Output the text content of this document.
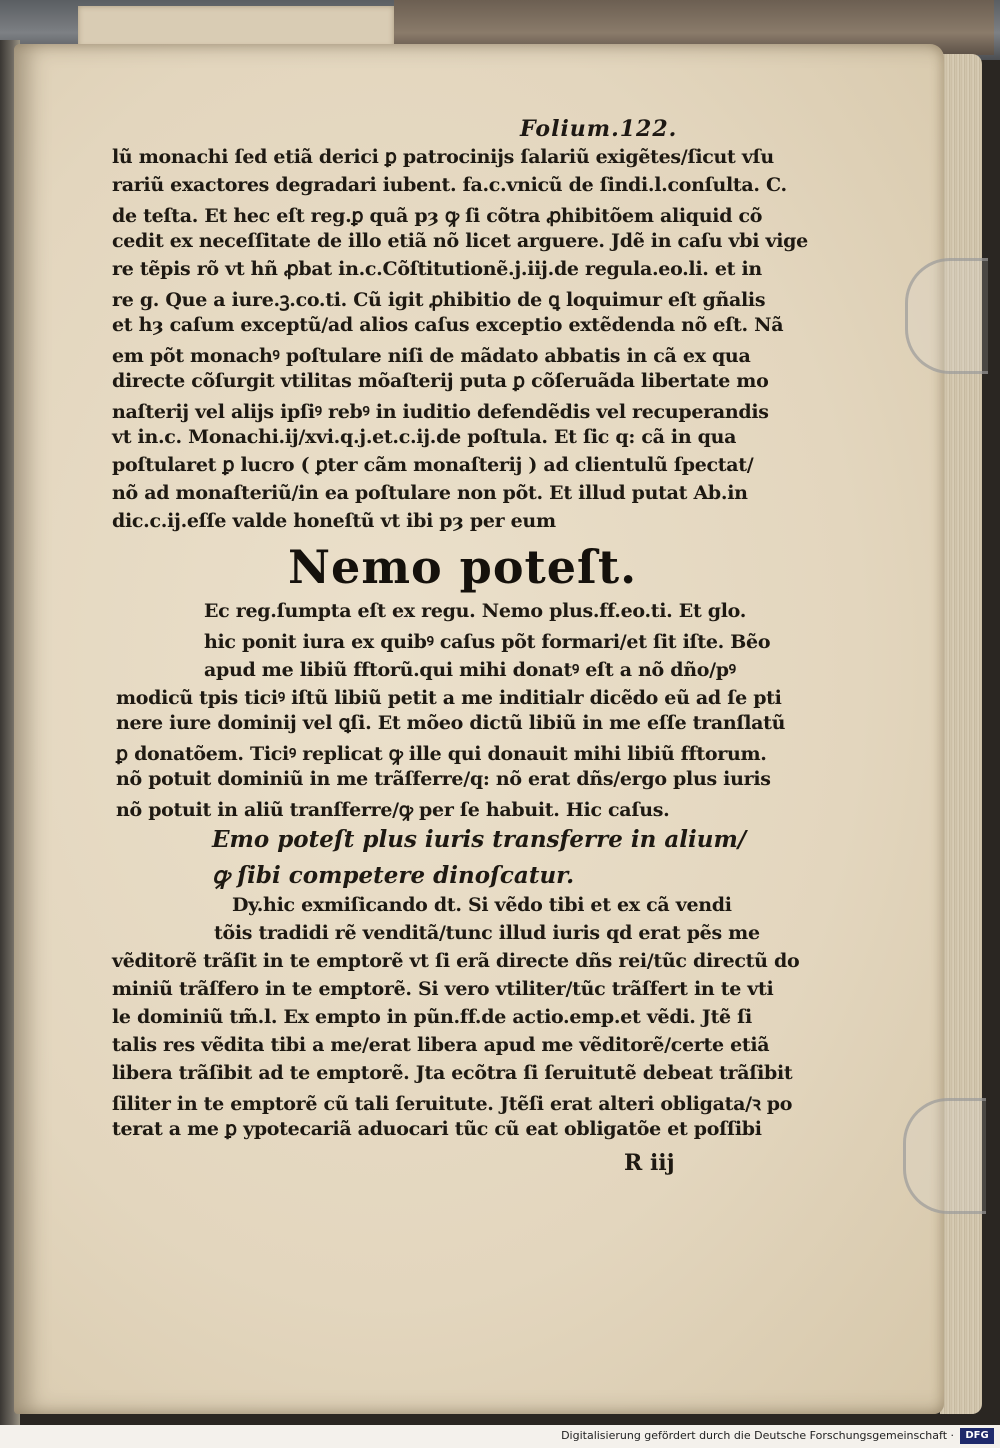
Folium.122.
lũ monachi ſed etiã derici ꝑ patrocinijs ſalariũ exigẽtes/ſicut vſu
rariũ exactores degradari iubent. fa.c.vnicũ de ſindi.l.conſulta. C.
de teſta. Et hec eſt reg.ꝑ quã pȝ ꝙ ſi cõtra ꝓhibitõem aliquid cõ
cedit ex neceſſitate de illo etiã nõ licet arguere. Jdẽ in caſu vbi vige
re tẽpis rõ vt hñ ꝓbat in.c.Cõſtitutionẽ.j.iij.de regula.eo.li. et in
re g. Que a iure.ꝫ.co.ti. Cũ igit ꝓhibitio de ꝗ loquimur eſt gñalis
et hȝ caſum exceptũ/ad alios caſus exceptio extẽdenda nõ eſt. Nã
em põt monachꝰ poſtulare niſi de mãdato abbatis in cã ex qua
directe cõſurgit vtilitas mõaſterij puta ꝑ cõſeruãda libertate mo
naſterij vel alijs ipſiꝰ rebꝰ in iuditio defendẽdis vel recuperandis
vt in.c. Monachi.ij/xvi.q.j.et.c.ij.de poſtula. Et ſic q: cã in qua
poſtularet ꝑ lucro ( ꝑter cãm monaſterij ) ad clientulũ ſpectat/
nõ ad monaſteriũ/in ea poſtulare non põt. Et illud putat Ab.in
Nemo poteſt.
Ec reg.ſumpta eſt ex regu. Nemo plus.ff.eo.ti. Et glo.
hic ponit iura ex quibꝰ caſus põt formari/et ſit iſte. Bẽo
apud me libiũ fftorũ.qui mihi donatꝰ eſt a nõ dño/pꝰ
modicũ tpis ticiꝰ iſtũ libiũ petit a me inditialr dicẽdo eũ ad ſe pti
nere iure dominij vel ꝗſi. Et mõeo dictũ libiũ in me eſſe tranſlatũ
ꝑ donatõem. Ticiꝰ replicat ꝙ ille qui donauit mihi libiũ fftorum.
nõ potuit dominiũ in me trãſferre/q: nõ erat dñs/ergo plus iuris
nõ potuit in aliũ tranſferre/ꝙ per ſe habuit. Hic caſus.
Emo poteſt plus iuris transferre in alium/
ꝙ ſibi competere dinoſcatur.
Dy.hic exmiſicando dt. Si vẽdo tibi et ex cã vendi
tõis tradidi rẽ venditã/tunc illud iuris qd erat pẽs me
vẽditorẽ trãſit in te emptorẽ vt ſi erã directe dñs rei/tũc directũ do
miniũ trãſfero in te emptorẽ. Si vero vtiliter/tũc trãſfert in te vti
le dominiũ tm̃.l. Ex empto in pũn.ff.de actio.emp.et vẽdi. Jtẽ ſi
talis res vẽdita tibi a me/erat libera apud me vẽditorẽ/certe etiã
R iij
Digitalisierung gefördert durch die Deutsche Forschungsgemeinschaft ·	DFG
dic.c.ij.eſſe valde honeſtũ vt ibi pȝ per eum
libera trãſibit ad te emptorẽ. Jta ecõtra ſi ſeruitutẽ debeat trãſibit
ſiliter in te emptorẽ cũ tali ſeruitute. Jtẽſi erat alteri obligata/ꝛ po
terat a me ꝑ ypotecariã aduocari tũc cũ eat obligatõe et poſſibi
